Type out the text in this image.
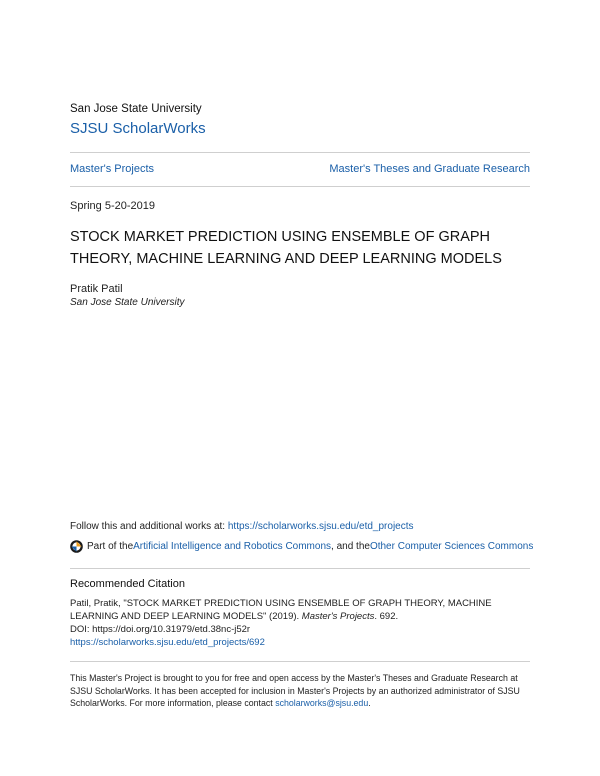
San Jose State University
SJSU ScholarWorks
Master's Projects	Master's Theses and Graduate Research
Spring 5-20-2019
STOCK MARKET PREDICTION USING ENSEMBLE OF GRAPH
THEORY, MACHINE LEARNING AND DEEP LEARNING MODELS
Pratik Patil
San Jose State University
Follow this and additional works at: https://scholarworks.sjsu.edu/etd_projects
Part of the Artificial Intelligence and Robotics Commons , and the Other Computer Sciences Commons
Recommended Citation
Patil, Pratik, "STOCK MARKET PREDICTION USING ENSEMBLE OF GRAPH THEORY, MACHINE LEARNING AND DEEP LEARNING MODELS" (2019). Master's Projects. 692.
DOI: https://doi.org/10.31979/etd.38nc-j52r
https://scholarworks.sjsu.edu/etd_projects/692
This Master's Project is brought to you for free and open access by the Master's Theses and Graduate Research at SJSU ScholarWorks. It has been accepted for inclusion in Master's Projects by an authorized administrator of SJSU ScholarWorks. For more information, please contact scholarworks@sjsu.edu.
